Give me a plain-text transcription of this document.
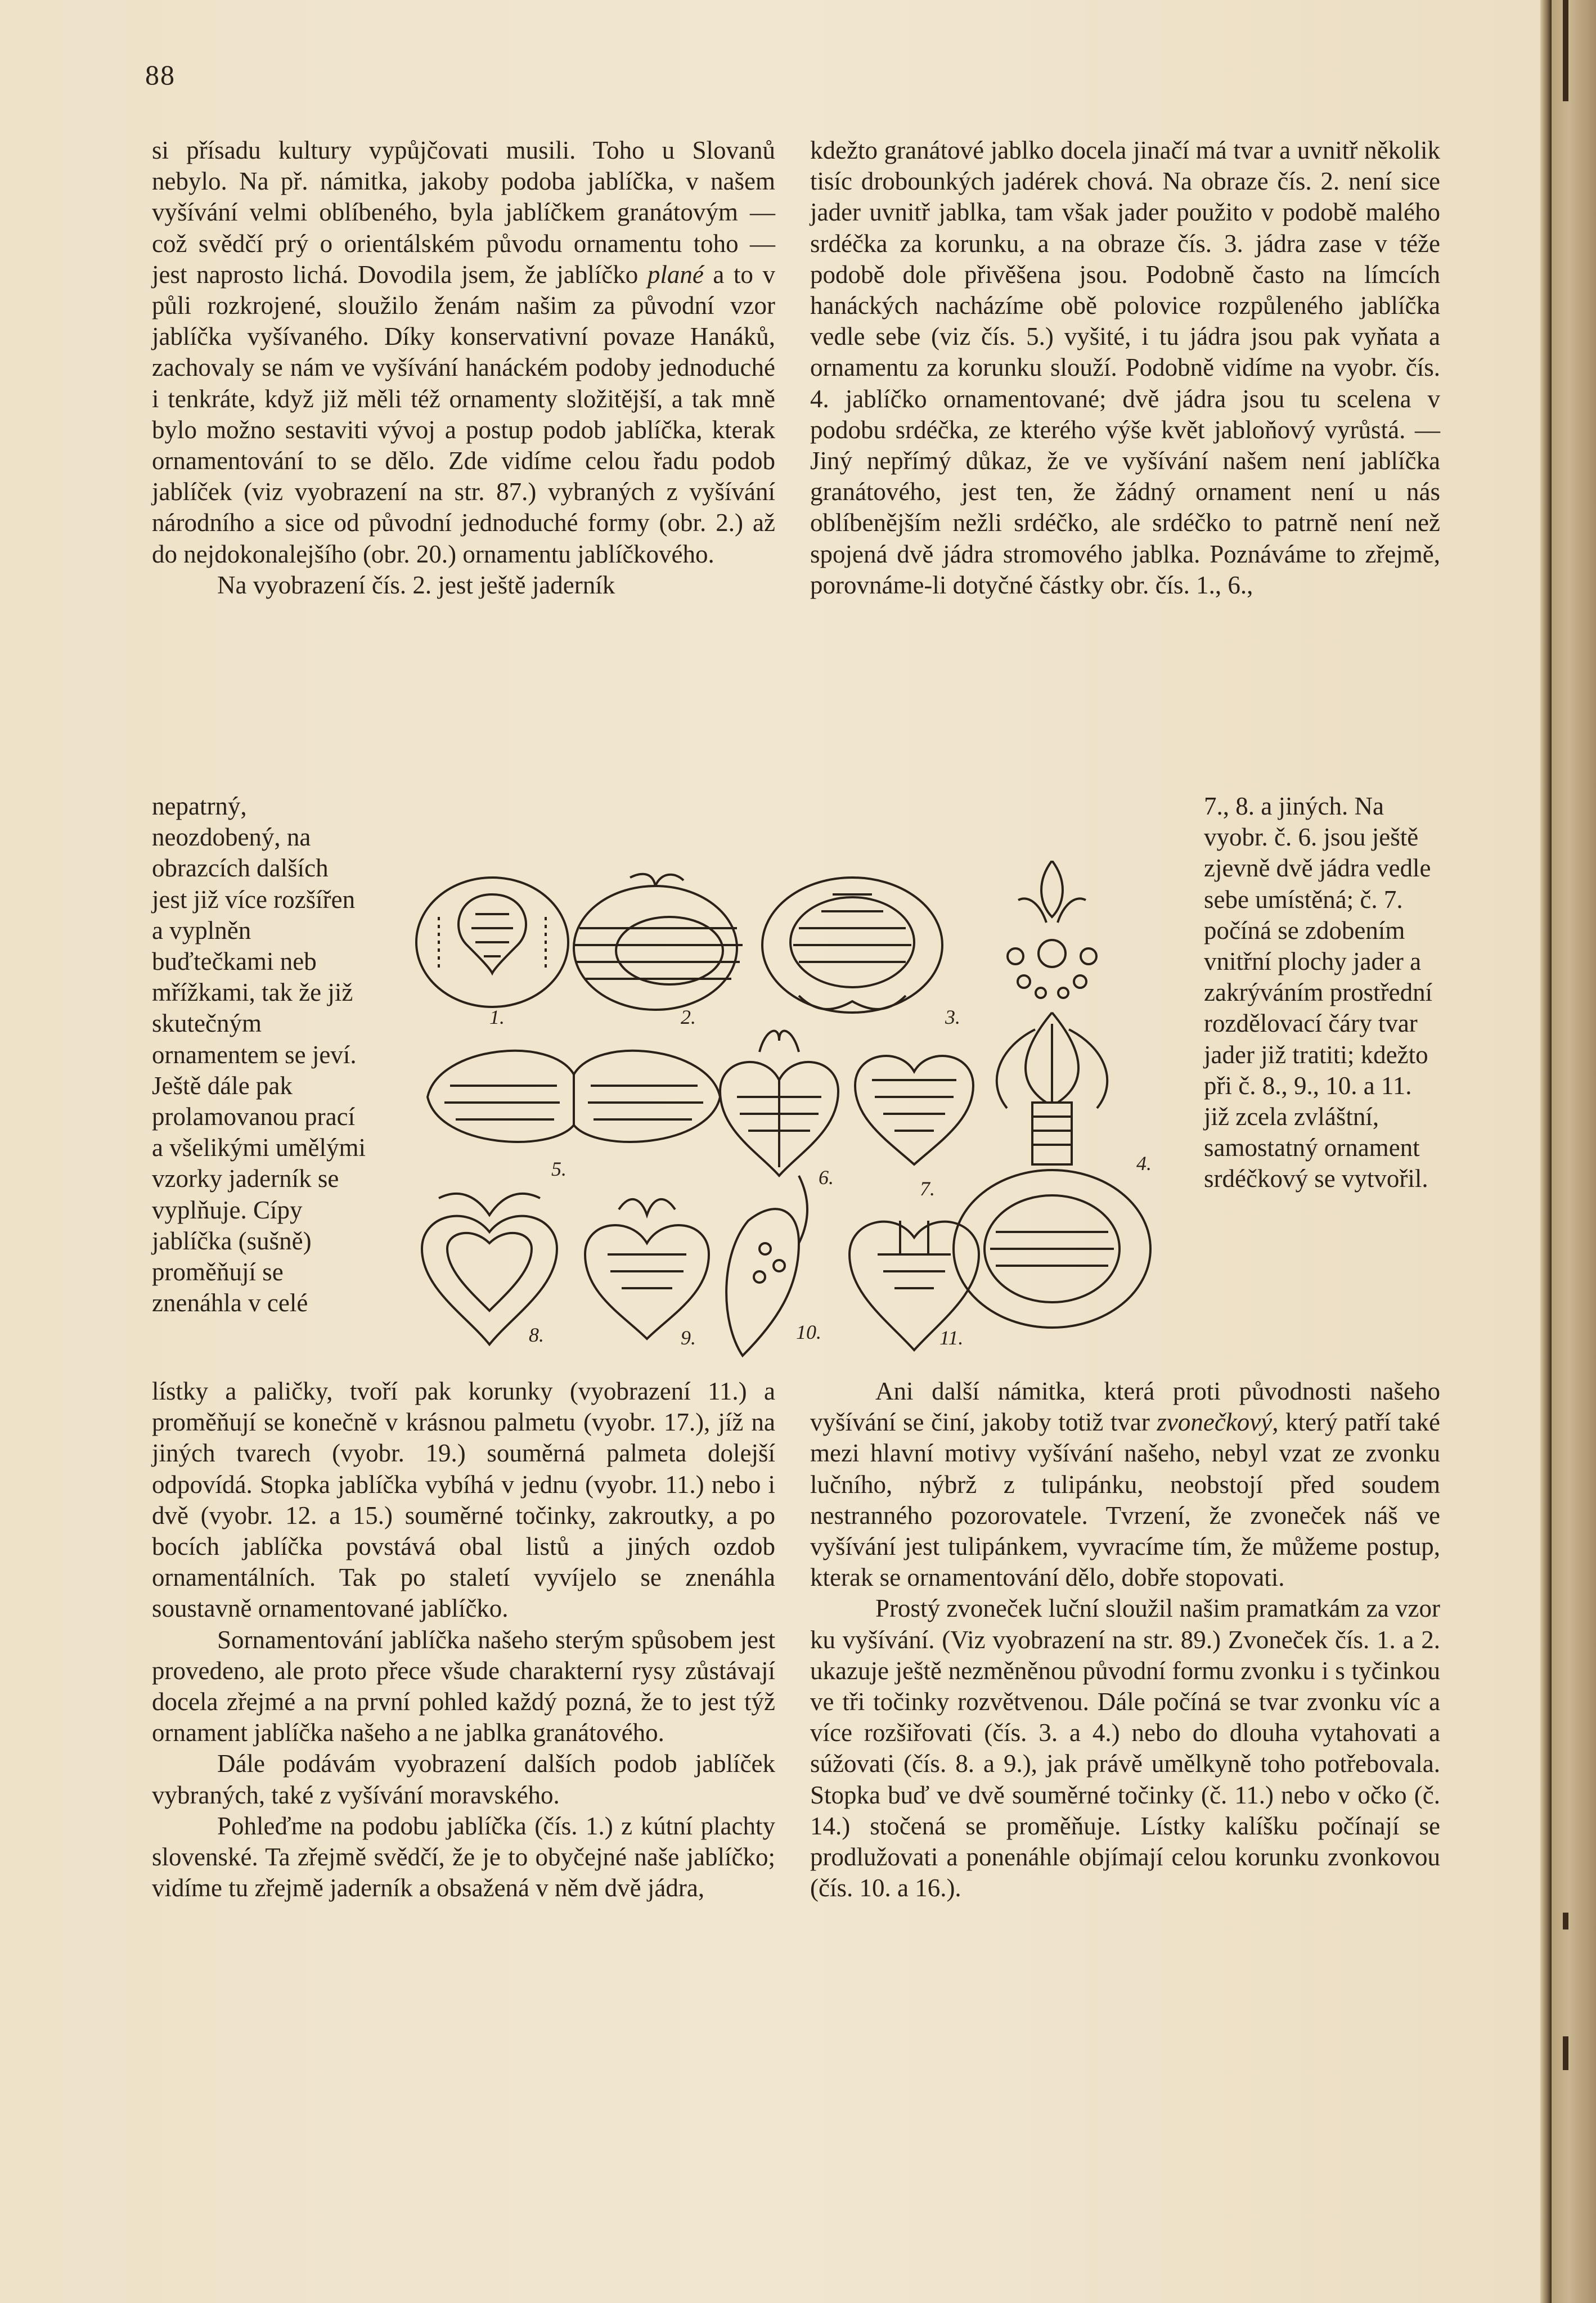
88

si přísadu kultury vypůjčovati musili. Toho u Slovanů nebylo. Na př. námitka, jakoby podoba jablíčka, v našem vyšívání velmi oblíbeného, byla jablíčkem granátovým — což svědčí prý o orientálském původu ornamentu toho — jest naprosto lichá. Dovodila jsem, že jablíčko plané a to v půli rozkrojené, sloužilo ženám našim za původní vzor jablíčka vyšívaného. Díky konservativní povaze Hanáků, zachovaly se nám ve vyšívání hanáckém podoby jednoduché i tenkráte, když již měli též ornamenty složitější, a tak mně bylo možno sestaviti vývoj a postup podob jablíčka, kterak ornamentování to se dělo. Zde vidíme celou řadu podob jablíček (viz vyobrazení na str. 87.) vybraných z vyšívání národního a sice od původní jednoduché formy (obr. 2.) až do nejdokonalejšího (obr. 20.) ornamentu jablíčkového.

Na vyobrazení čís. 2. jest ještě jaderník

nepatrný, neozdobený, na obrazcích dalších jest již více rozšířen a vyplněn buďtečkami neb mřížkami, tak že již skutečným ornamentem se jeví. Ještě dále pak prolamovanou prací a všelikými umělými vzorky jaderník se vyplňuje. Cípy jablíčka (sušně) proměňují se znenáhla v celé

kdežto granátové jablko docela jinačí má tvar a uvnitř několik tisíc drobounkých jadérek chová. Na obraze čís. 2. není sice jader uvnitř jablka, tam však jader použito v podobě malého srdéčka za korunku, a na obraze čís. 3. jádra zase v téže podobě dole přivěšena jsou. Podobně často na límcích hanáckých nacházíme obě polovice rozpůleného jablíčka vedle sebe (viz čís. 5.) vyšité, i tu jádra jsou pak vyňata a ornamentu za korunku slouží. Podobně vidíme na vyobr. čís. 4. jablíčko ornamentované; dvě jádra jsou tu scelena v podobu srdéčka, ze kterého výše květ jabloňový vyrůstá. — Jiný nepřímý důkaz, že ve vyšívání našem není jablíčka granátového, jest ten, že žádný ornament není u nás oblíbenějším nežli srdéčko, ale srdéčko to patrně není než spojená dvě jádra stromového jablka. Poznáváme to zřejmě, porovnáme-li dotyčné částky obr. čís. 1., 6.,

7., 8. a jiných. Na vyobr. č. 6. jsou ještě zjevně dvě jádra vedle sebe umístěná; č. 7. počíná se zdobením vnitřní plochy jader a zakrýváním prostřední rozdělovací čáry tvar jader již tratiti; kdežto při č. 8., 9., 10. a 11. již zcela zvláštní, samostatný ornament srdéčkový se vytvořil.

1.	2.	3.
4.
5.	6.	7.
8.	9.	10.	11.

lístky a paličky, tvoří pak korunky (vyobrazení 11.) a proměňují se konečně v krásnou palmetu (vyobr. 17.), jíž na jiných tvarech (vyobr. 19.) souměrná palmeta dolejší odpovídá. Stopka jablíčka vybíhá v jednu (vyobr. 11.) nebo i dvě (vyobr. 12. a 15.) souměrné točinky, zakroutky, a po bocích jablíčka povstává obal listů a jiných ozdob ornamentálních. Tak po staletí vyvíjelo se znenáhla soustavně ornamentované jablíčko.

Sornamentování jablíčka našeho sterým spůsobem jest provedeno, ale proto přece všude charakterní rysy zůstávají docela zřejmé a na první pohled každý pozná, že to jest týž ornament jablíčka našeho a ne jablka granátového.

Dále podávám vyobrazení dalších podob jablíček vybraných, také z vyšívání moravského.

Pohleďme na podobu jablíčka (čís. 1.) z kútní plachty slovenské. Ta zřejmě svědčí, že je to obyčejné naše jablíčko; vidíme tu zřejmě jaderník a obsažená v něm dvě jádra,

Ani další námitka, která proti původnosti našeho vyšívání se činí, jakoby totiž tvar zvonečkový, který patří také mezi hlavní motivy vyšívání našeho, nebyl vzat ze zvonku lučního, nýbrž z tulipánku, neobstojí před soudem nestranného pozorovatele. Tvrzení, že zvoneček náš ve vyšívání jest tulipánkem, vyvracíme tím, že můžeme postup, kterak se ornamentování dělo, dobře stopovati.

Prostý zvoneček luční sloužil našim pramatkám za vzor ku vyšívání. (Viz vyobrazení na str. 89.) Zvoneček čís. 1. a 2. ukazuje ještě nezměněnou původní formu zvonku i s tyčinkou ve tři točinky rozvětvenou. Dále počíná se tvar zvonku víc a více rozšiřovati (čís. 3. a 4.) nebo do dlouha vytahovati a súžovati (čís. 8. a 9.), jak právě umělkyně toho potřebovala. Stopka buď ve dvě souměrné točinky (č. 11.) nebo v očko (č. 14.) stočená se proměňuje. Lístky kalíšku počínají se prodlužovati a ponenáhle objímají celou korunku zvonkovou (čís. 10. a 16.).
